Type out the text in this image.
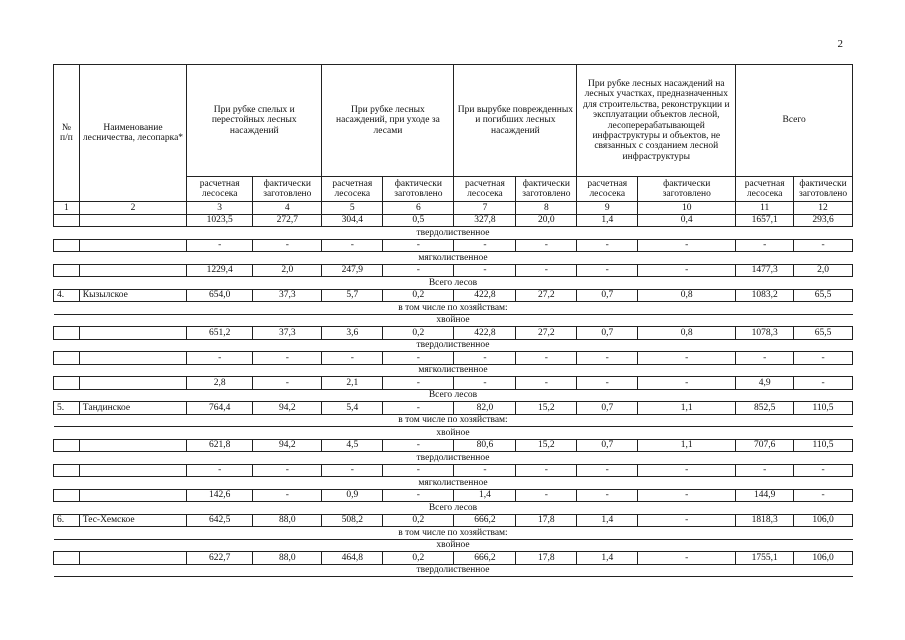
2
№ п/п	Наименование лесничества, лесопарка*	При рубке спелых и перестойных лесных насаждений		При рубке лесных насаждений, при уходе за лесами		При вырубке поврежденных и погибших лесных насаждений		При рубке лесных насаждений на лесных участках, предназначенных для строительства, реконструкции и эксплуатации объектов лесной, лесоперерабатывающей инфраструктуры и объектов, не связанных с созданием лесной инфраструктуры		Всего	
		расчетная лесосека	фактически заготовлено	расчетная лесосека	фактически заготовлено	расчетная лесосека	фактически заготовлено	расчетная лесосека	фактически заготовлено	расчетная лесосека	фактически заготовлено
1	2	3	4	5	6	7	8	9	10	11	12
		1023,5	272,7	304,4	0,5	327,8	20,0	1,4	0,4	1657,1	293,6
твердолиственное											
		-	-	-	-	-	-	-	-	-	-
мягколиственное											
		1229,4	2,0	247,9	-	-	-	-	-	1477,3	2,0
Всего лесов											
4.	Кызылское	654,0	37,3	5,7	0,2	422,8	27,2	0,7	0,8	1083,2	65,5
в том числе по хозяйствам:											
хвойное											
		651,2	37,3	3,6	0,2	422,8	27,2	0,7	0,8	1078,3	65,5
твердолиственное											
		-	-	-	-	-	-	-	-	-	-
мягколиственное											
		2,8	-	2,1	-	-	-	-	-	4,9	-
Всего лесов											
5.	Тандинское	764,4	94,2	5,4	-	82,0	15,2	0,7	1,1	852,5	110,5
в том числе по хозяйствам:											
хвойное											
		621,8	94,2	4,5	-	80,6	15,2	0,7	1,1	707,6	110,5
твердолиственное											
		-	-	-	-	-	-	-	-	-	-
мягколиственное											
		142,6	-	0,9	-	1,4	-	-	-	144,9	-
Всего лесов											
6.	Тес-Хемское	642,5	88,0	508,2	0,2	666,2	17,8	1,4	-	1818,3	106,0
в том числе по хозяйствам:											
хвойное											
		622,7	88,0	464,8	0,2	666,2	17,8	1,4	-	1755,1	106,0
твердолиственное											
